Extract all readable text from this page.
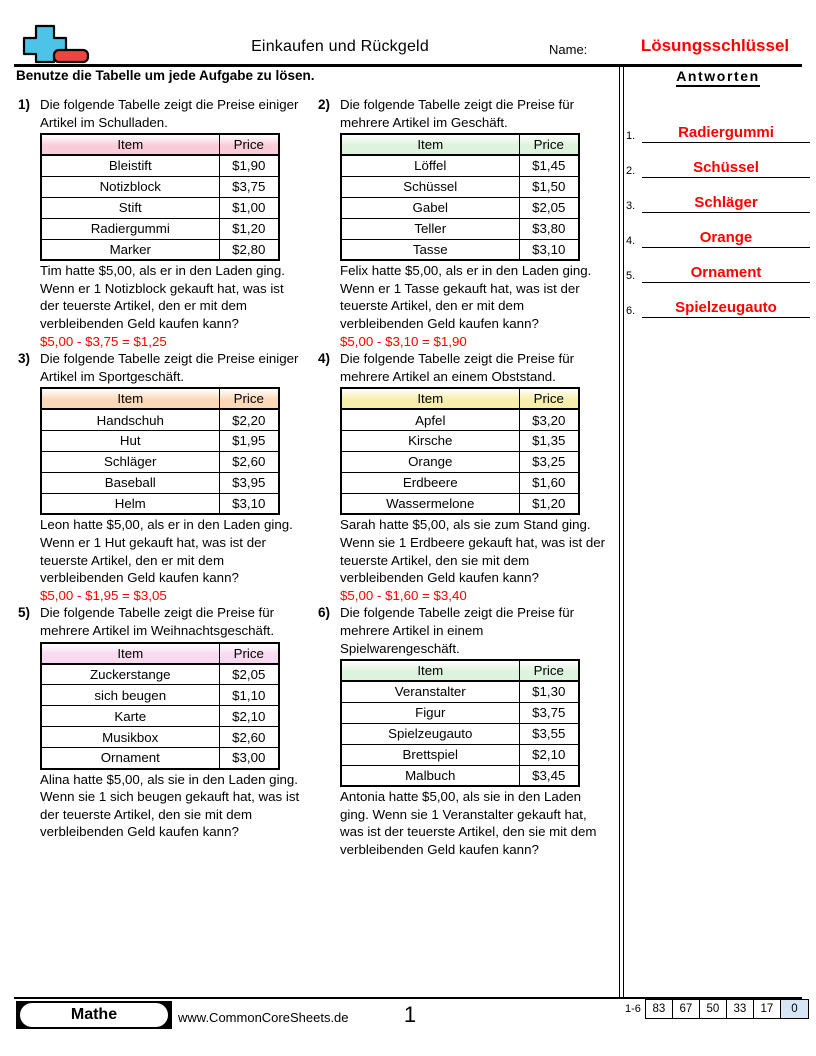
Einkaufen und Rückgeld	Name:	Lösungsschlüssel
Benutze die Tabelle um jede Aufgabe zu lösen.	Antworten
1) Die folgende Tabelle zeigt die Preise einiger Artikel im Schulladen.
Item	Price
Bleistift	$1,90
Notizblock	$3,75
Stift	$1,00
Radiergummi	$1,20
Marker	$2,80
Tim hatte $5,00, als er in den Laden ging. Wenn er 1 Notizblock gekauft hat, was ist der teuerste Artikel, den er mit dem verbleibenden Geld kaufen kann?
$5,00 - $3,75 = $1,25
2) Die folgende Tabelle zeigt die Preise für mehrere Artikel im Geschäft.
Item	Price
Löffel	$1,45
Schüssel	$1,50
Gabel	$2,05
Teller	$3,80
Tasse	$3,10
Felix hatte $5,00, als er in den Laden ging. Wenn er 1 Tasse gekauft hat, was ist der teuerste Artikel, den er mit dem verbleibenden Geld kaufen kann?
$5,00 - $3,10 = $1,90
3) Die folgende Tabelle zeigt die Preise einiger Artikel im Sportgeschäft.
Item	Price
Handschuh	$2,20
Hut	$1,95
Schläger	$2,60
Baseball	$3,95
Helm	$3,10
Leon hatte $5,00, als er in den Laden ging. Wenn er 1 Hut gekauft hat, was ist der teuerste Artikel, den er mit dem verbleibenden Geld kaufen kann?
$5,00 - $1,95 = $3,05
4) Die folgende Tabelle zeigt die Preise für mehrere Artikel an einem Obststand.
Item	Price
Apfel	$3,20
Kirsche	$1,35
Orange	$3,25
Erdbeere	$1,60
Wassermelone	$1,20
Sarah hatte $5,00, als sie zum Stand ging. Wenn sie 1 Erdbeere gekauft hat, was ist der teuerste Artikel, den sie mit dem verbleibenden Geld kaufen kann?
$5,00 - $1,60 = $3,40
5) Die folgende Tabelle zeigt die Preise für mehrere Artikel im Weihnachtsgeschäft.
Item	Price
Zuckerstange	$2,05
sich beugen	$1,10
Karte	$2,10
Musikbox	$2,60
Ornament	$3,00
Alina hatte $5,00, als sie in den Laden ging. Wenn sie 1 sich beugen gekauft hat, was ist der teuerste Artikel, den sie mit dem verbleibenden Geld kaufen kann?
6) Die folgende Tabelle zeigt die Preise für mehrere Artikel in einem Spielwarengeschäft.
Item	Price
Veranstalter	$1,30
Figur	$3,75
Spielzeugauto	$3,55
Brettspiel	$2,10
Malbuch	$3,45
Antonia hatte $5,00, als sie in den Laden ging. Wenn sie 1 Veranstalter gekauft hat, was ist der teuerste Artikel, den sie mit dem verbleibenden Geld kaufen kann?
1.	Radiergummi
2.	Schüssel
3.	Schläger
4.	Orange
5.	Ornament
6.	Spielzeugauto
Mathe	www.CommonCoreSheets.de	1	1-6	83	67	50	33	17	0
